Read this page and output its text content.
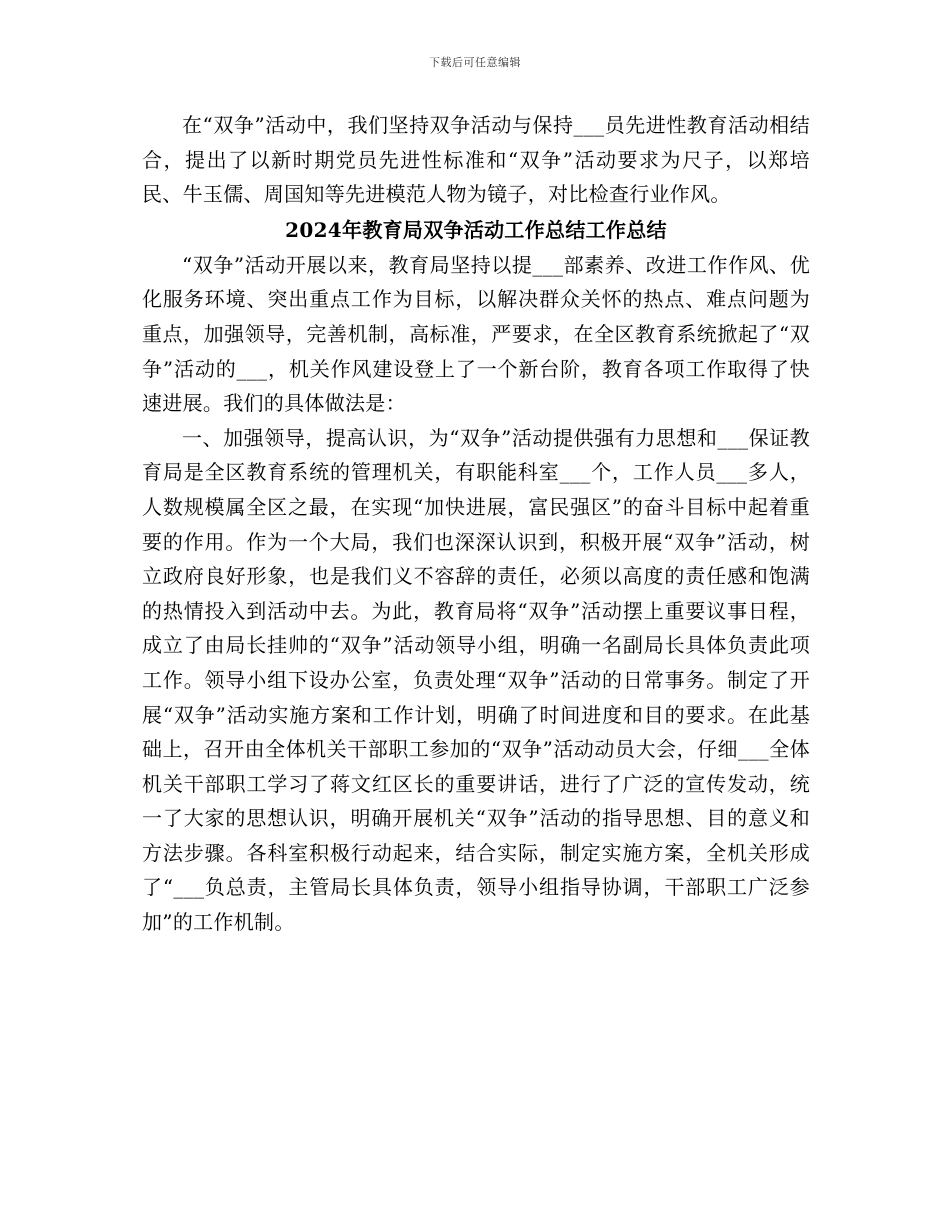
下载后可任意编辑

在“双争”活动中，我们坚持双争活动与保持___员先进性教育活动相结合，提出了以新时期党员先进性标准和“双争”活动要求为尺子，以郑培民、牛玉儒、周国知等先进模范人物为镜子，对比检查行业作风。

2024年教育局双争活动工作总结工作总结

“双争”活动开展以来，教育局坚持以提___部素养、改进工作作风、优化服务环境、突出重点工作为目标，以解决群众关怀的热点、难点问题为重点，加强领导，完善机制，高标准，严要求，在全区教育系统掀起了“双争”活动的___，机关作风建设登上了一个新台阶，教育各项工作取得了快速进展。我们的具体做法是：

一、加强领导，提高认识，为“双争”活动提供强有力思想和___保证教育局是全区教育系统的管理机关，有职能科室___个，工作人员___多人，人数规模属全区之最，在实现“加快进展，富民强区”的奋斗目标中起着重要的作用。作为一个大局，我们也深深认识到，积极开展“双争”活动，树立政府良好形象，也是我们义不容辞的责任，必须以高度的责任感和饱满的热情投入到活动中去。为此，教育局将“双争”活动摆上重要议事日程，成立了由局长挂帅的“双争”活动领导小组，明确一名副局长具体负责此项工作。领导小组下设办公室，负责处理“双争”活动的日常事务。制定了开展“双争”活动实施方案和工作计划，明确了时间进度和目的要求。在此基础上，召开由全体机关干部职工参加的“双争”活动动员大会，仔细___全体机关干部职工学习了蒋文红区长的重要讲话，进行了广泛的宣传发动，统一了大家的思想认识，明确开展机关“双争”活动的指导思想、目的意义和方法步骤。各科室积极行动起来，结合实际，制定实施方案，全机关形成了“___负总责，主管局长具体负责，领导小组指导协调，干部职工广泛参加”的工作机制。
